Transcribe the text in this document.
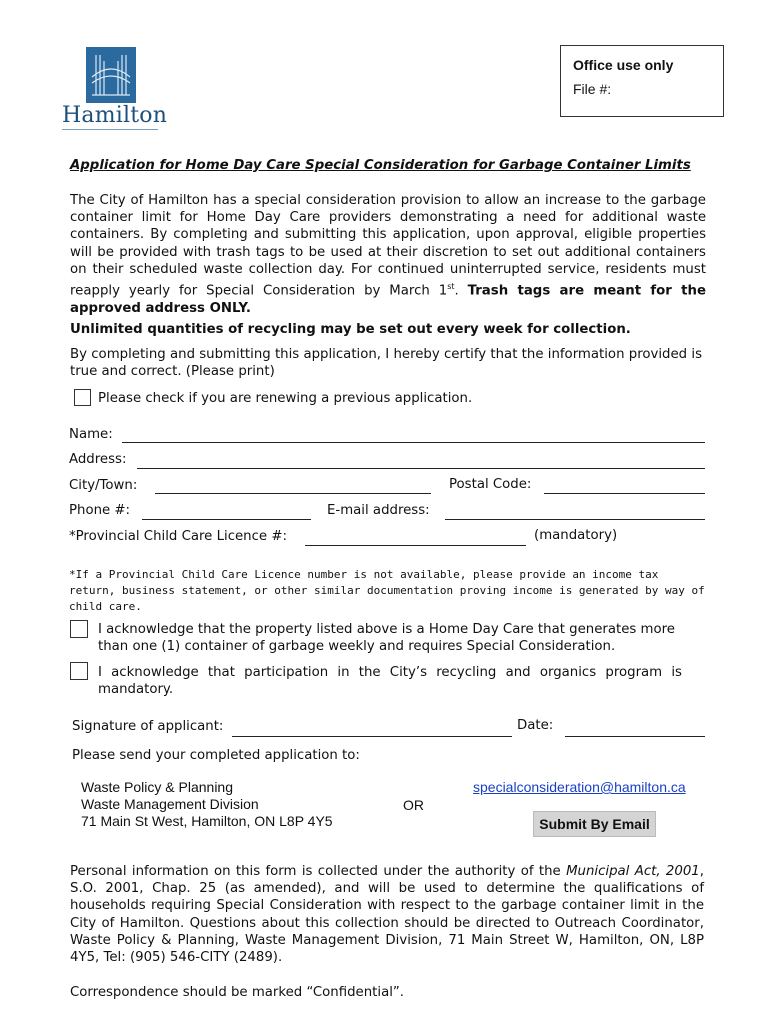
Hamilton
Office use only
File #:
Application for Home Day Care Special Consideration for Garbage Container Limits
The City of Hamilton has a special consideration provision to allow an increase to the garbage container limit for Home Day Care providers demonstrating a need for additional waste containers. By completing and submitting this application, upon approval, eligible properties will be provided with trash tags to be used at their discretion to set out additional containers on their scheduled waste collection day. For continued uninterrupted service, residents must reapply yearly for Special Consideration by March 1st. Trash tags are meant for the approved address ONLY.
Unlimited quantities of recycling may be set out every week for collection.
By completing and submitting this application, I hereby certify that the information provided is true and correct. (Please print)
Please check if you are renewing a previous application.
Name:
Address:
City/Town:	Postal Code:
Phone #:	E-mail address:
*Provincial Child Care Licence #:	(mandatory)
*If a Provincial Child Care Licence number is not available, please provide an income tax return, business statement, or other similar documentation proving income is generated by way of child care.
I acknowledge that the property listed above is a Home Day Care that generates more than one (1) container of garbage weekly and requires Special Consideration.
I acknowledge that participation in the City’s recycling and organics program is mandatory.
Signature of applicant:	Date:
Please send your completed application to:
Waste Policy & Planning
Waste Management Division
71 Main St West, Hamilton, ON L8P 4Y5
OR
specialconsideration@hamilton.ca
Submit By Email
Personal information on this form is collected under the authority of the Municipal Act, 2001, S.O. 2001, Chap. 25 (as amended), and will be used to determine the qualifications of households requiring Special Consideration with respect to the garbage container limit in the City of Hamilton. Questions about this collection should be directed to Outreach Coordinator, Waste Policy & Planning, Waste Management Division, 71 Main Street W, Hamilton, ON, L8P 4Y5, Tel: (905) 546-CITY (2489).
Correspondence should be marked “Confidential”.
